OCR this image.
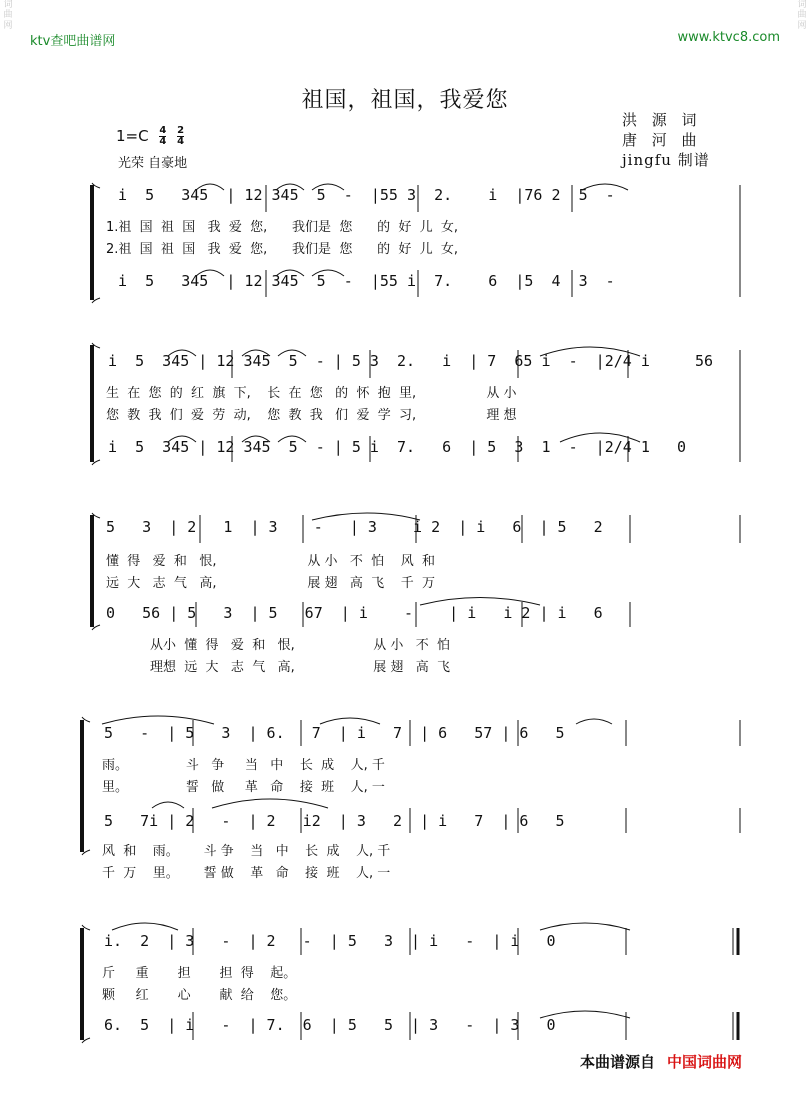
词
曲
网
词
曲
网
ktv查吧曲谱网	www.ktvc8.com
祖国，祖国，我爱您
洪 源 词
唐 河 曲
jingfu 制谱
$1=C \frac{4}{4}$
$\frac{2}{4}$
光荣 自豪地
i  5   345  | 12 345  5  -  |55 3  2.    i  |76 2  5  -
1.祖  国  祖  国   我  爱  您,      我们是  您      的  好  儿  女,
2.祖  国  祖  国   我  爱  您,      我们是  您      的  好  儿  女,
i  5   345  | 12 345  5  -  |55 i  7.    6  |5  4  3  -
i  5  345 | 12 345  5  - | 5 3  2.   i  | 7  65 i  -  |2/4 i     56
生  在  您  的  红  旗  下,    长  在  您   的  怀  抱  里,                 从 小
您  教  我  们  爱  劳  动,    您  教  我   们  爱  学  习,                 理 想
i  5  345 | 12 345  5  - | 5 i  7.   6  | 5  3  1  -  |2/4 1   0
5   3  | 2   1  | 3    -   | 3    i 2  | i   6  | 5   2
懂  得   爱  和   恨,                      从 小   不  怕    风  和
远  大   志  气   高,                      展 翅   高  飞    千  万
0   56 | 5   3  | 5   67  | i    -    | i   i 2 | i   6
从小  懂  得   爱  和   恨,                   从 小   不  怕
理想  远  大   志  气   高,                   展 翅   高  飞
5   -  | 5   3  | 6.   7  | i   7  | 6   57 | 6   5
雨。              斗   争     当   中    长  成    人, 千
里。              誓   做     革   命    接  班    人, 一
5   7i | 2   -  | 2   i2  | 3   2  | i   7  | 6   5
风  和    雨。      斗 争    当   中    长  成    人, 千
千  万    里。      誓 做    革   命    接  班    人, 一
i.  2  | 3   -  | 2   -  | 5   3  | i   -  | i   0
斤     重       担       担  得    起。
颗     红       心       献  给    您。
6.  5  | i   -  | 7.  6  | 5   5  | 3   -  | 3   0
本曲谱源自 中国词曲网
